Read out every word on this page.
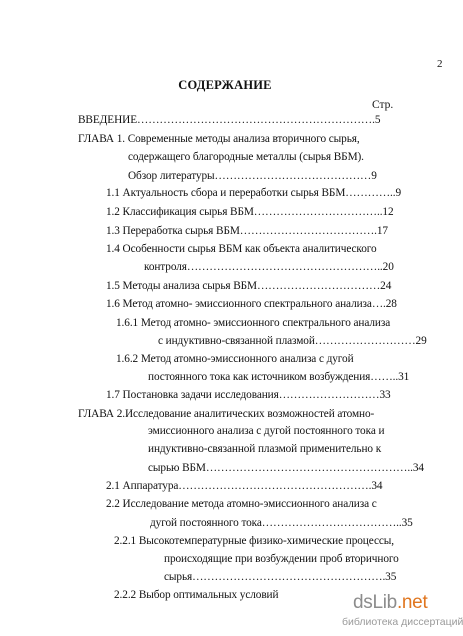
2
СОДЕРЖАНИЕ
Стр.
ВВЕДЕНИЕ……………………………………………………….5
ГЛАВА 1. Современные методы анализа вторичного сырья,
содержащего благородные металлы (сырья ВБМ).
Обзор литературы……………………………………9
1.1 Актуальность сбора и переработки сырья ВБМ…………..9
1.2 Классификация сырья ВБМ……………………………..12
1.3 Переработка сырья ВБМ……………………………….17
1.4 Особенности сырья ВБМ как объекта аналитического
контроля……………………………………………..20
1.5 Методы анализа сырья ВБМ……………………………24
1.6 Метод атомно- эмиссионного спектрального анализа….28
1.6.1 Метод атомно- эмиссионного спектрального анализа
с индуктивно-связанной плазмой………………………29
1.6.2 Метод атомно-эмиссионного анализа с дугой
постоянного тока как источником возбуждения……..31
1.7 Постановка задачи исследования………………………33
ГЛАВА 2.Исследование аналитических возможностей атомно-
эмиссионного анализа с дугой постоянного тока и
индуктивно-связанной плазмой применительно к
сырью ВБМ………………………………………………..34
2.1 Аппаратура…………………………………………….34
2.2 Исследование метода атомно-эмиссионного анализа с
дугой постоянного тока………………………………..35
2.2.1 Высокотемпературные физико-химические процессы,
происходящие при возбуждении проб вторичного
сырья…………………………………………….35
2.2.2 Выбор оптимальных условий	dsLib.net
библиотека диссертаций
